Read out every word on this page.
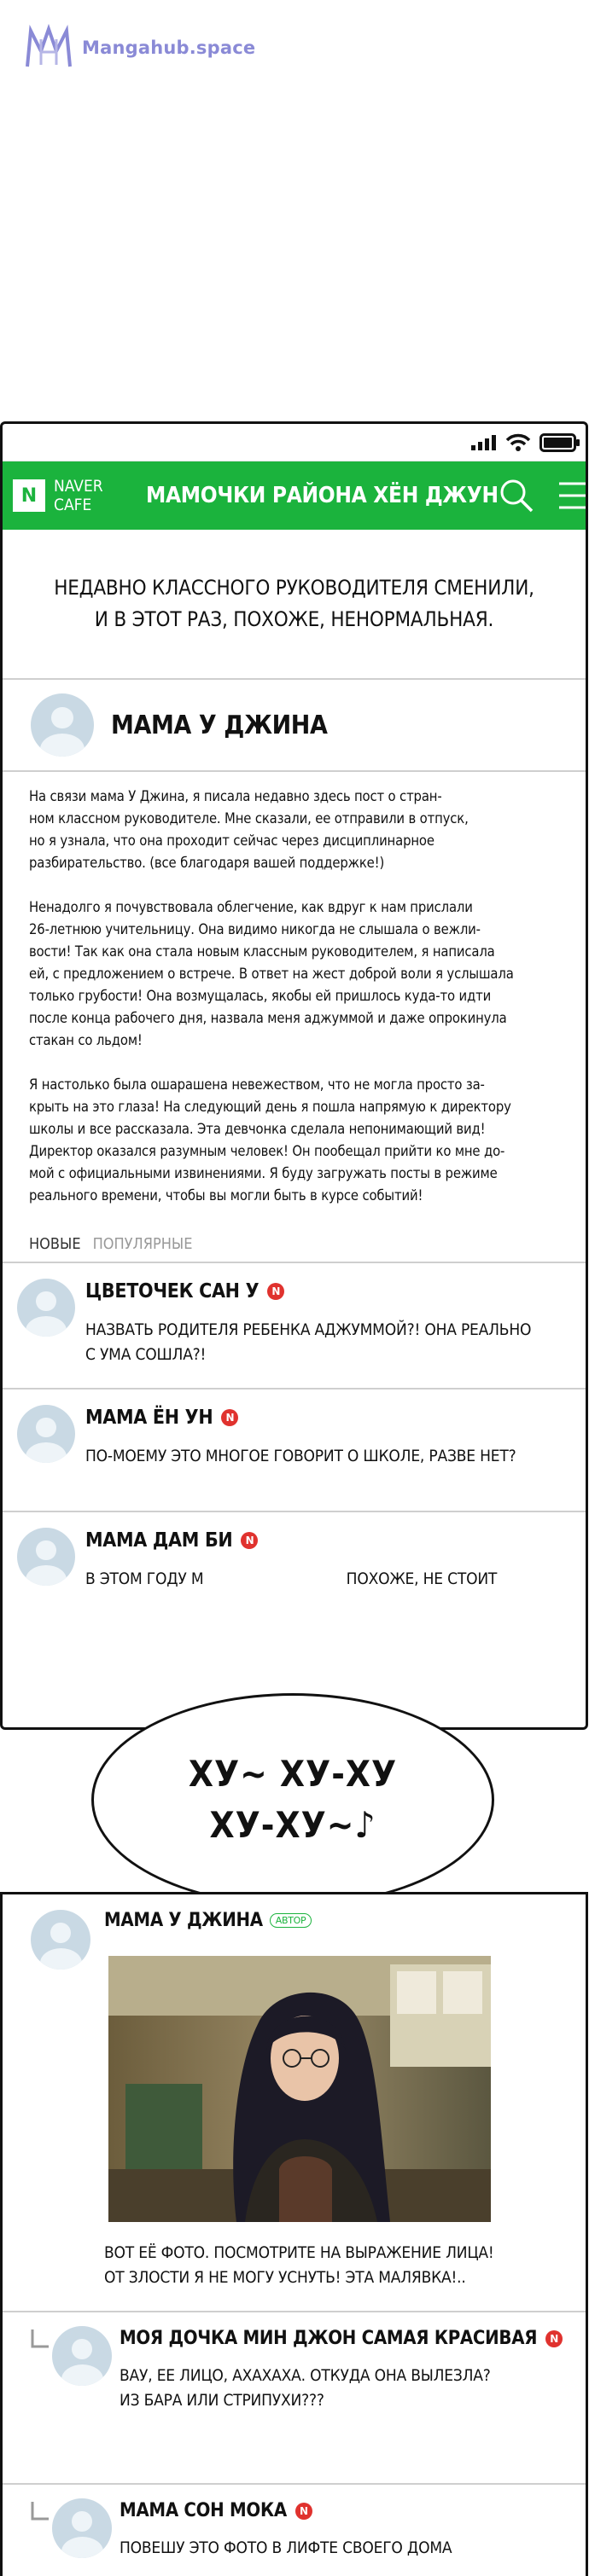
Mangahub.space
N	NAVER
CAFE	МАМОЧКИ РАЙОНА ХЁН ДЖУН
НЕДАВНО КЛАССНОГО РУКОВОДИТЕЛЯ СМЕНИЛИ,
И В ЭТОТ РАЗ, ПОХОЖЕ, НЕНОРМАЛЬНАЯ.
МАМА У ДЖИНА

На связи мама У Джина, я писала недавно здесь пост о стран-
ном классном руководителе. Мне сказали, ее отправили в отпуск,
но я узнала, что она проходит сейчас через дисциплинарное
разбирательство. (все благодаря вашей поддержке!)

Ненадолго я почувствовала облегчение, как вдруг к нам прислали
26-летнюю учительницу. Она видимо никогда не слышала о вежли-
вости! Так как она стала новым классным руководителем, я написала
ей, с предложением о встрече. В ответ на жест доброй воли я услышала
только грубости! Она возмущалась, якобы ей пришлось куда-то идти
после конца рабочего дня, назвала меня аджуммой и даже опрокинула
стакан со льдом!

Я настолько была ошарашена невежеством, что не могла просто за-
крыть на это глаза! На следующий день я пошла напрямую к директору
школы и все рассказала. Эта девчонка сделала непонимающий вид!
Директор оказался разумным человек! Он пообещал прийти ко мне до-
мой с официальными извинениями. Я буду загружать посты в режиме
реального времени, чтобы вы могли быть в курсе событий!

НОВЫЕ ПОПУЛЯРНЫЕ
ЦВЕТОЧЕК САН У	N
НАЗВАТЬ РОДИТЕЛЯ РЕБЕНКА АДЖУММОЙ?! ОНА РЕАЛЬНО
С УМА СОШЛА?!
МАМА ЁН УН	N
ПО-МОЕМУ ЭТО МНОГОЕ ГОВОРИТ О ШКОЛЕ, РАЗВЕ НЕТ?
МАМА ДАМ БИ	N
В ЭТОМ ГОДУ М                                ПОХОЖЕ, НЕ СТОИТ
ХУ~ ХУ-ХУ
ХУ-ХУ~♪
МАМА У ДЖИНА	АВТОР
ВОТ ЕЁ ФОТО. ПОСМОТРИТЕ НА ВЫРАЖЕНИЕ ЛИЦА!
ОТ ЗЛОСТИ Я НЕ МОГУ УСНУТЬ! ЭТА МАЛЯВКА!..
МОЯ ДОЧКА МИН ДЖОН САМАЯ КРАСИВАЯ	N
ВАУ, ЕЕ ЛИЦО, АХАХАХА. ОТКУДА ОНА ВЫЛЕЗЛА?
ИЗ БАРА ИЛИ СТРИПУХИ???
МАМА СОН МОКА	N
ПОВЕШУ ЭТО ФОТО В ЛИФТЕ СВОЕГО ДОМА
